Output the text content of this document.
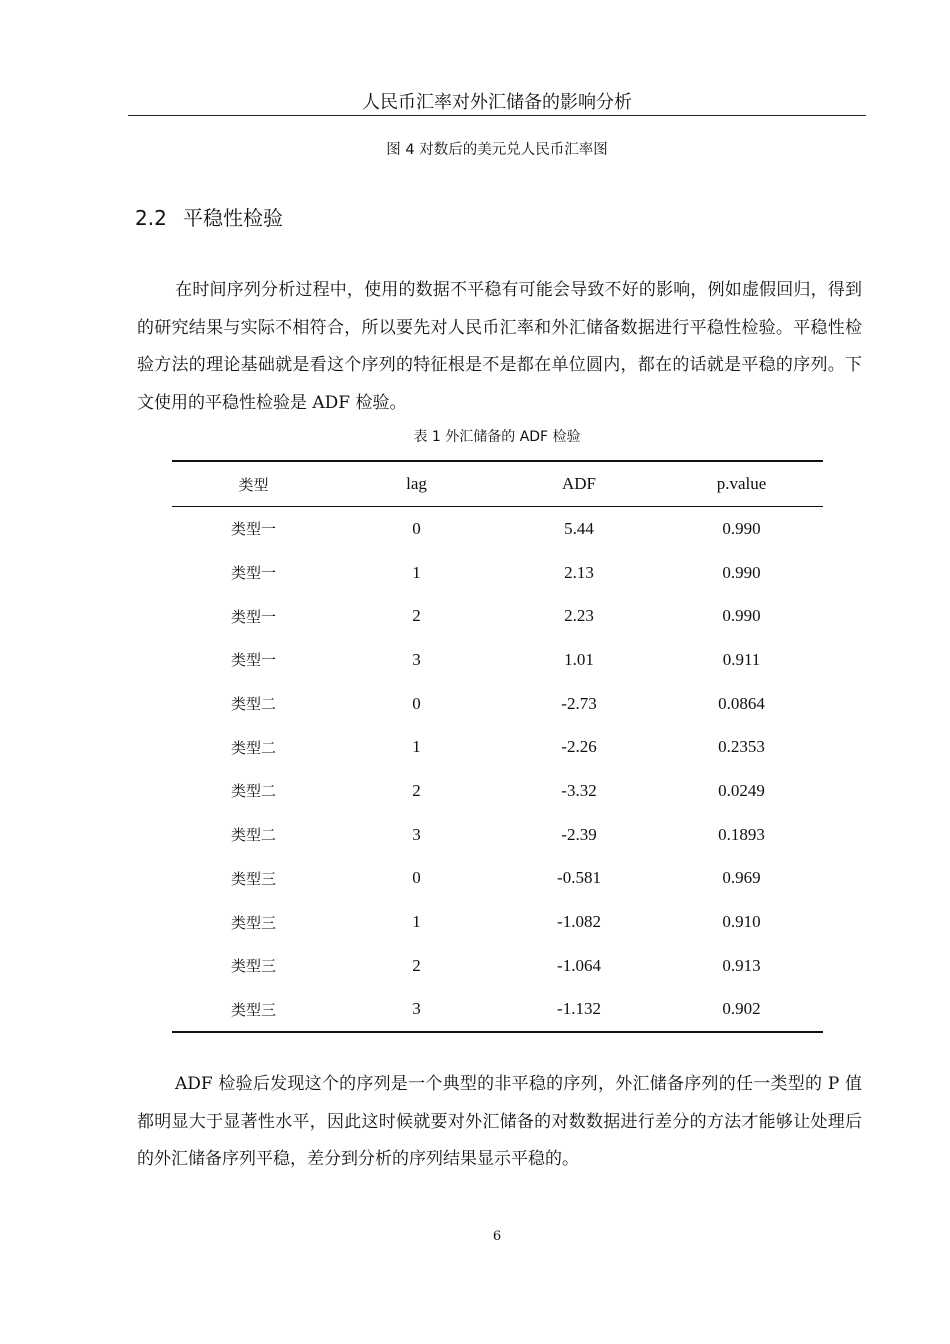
人民币汇率对外汇储备的影响分析
图 4 对数后的美元兑人民币汇率图
2.2 平稳性检验
在时间序列分析过程中，使用的数据不平稳有可能会导致不好的影响，例如虚假回归，得到的研究结果与实际不相符合，所以要先对人民币汇率和外汇储备数据进行平稳性检验。平稳性检验方法的理论基础就是看这个序列的特征根是不是都在单位圆内，都在的话就是平稳的序列。下文使用的平稳性检验是 ADF 检验。
表 1 外汇储备的 ADF 检验
类型	lag	ADF	p.value
类型一	0	5.44	0.990
类型一	1	2.13	0.990
类型一	2	2.23	0.990
类型一	3	1.01	0.911
类型二	0	-2.73	0.0864
类型二	1	-2.26	0.2353
类型二	2	-3.32	0.0249
类型二	3	-2.39	0.1893
类型三	0	-0.581	0.969
类型三	1	-1.082	0.910
类型三	2	-1.064	0.913
类型三	3	-1.132	0.902
ADF 检验后发现这个的序列是一个典型的非平稳的序列，外汇储备序列的任一类型的 P 值都明显大于显著性水平，因此这时候就要对外汇储备的对数数据进行差分的方法才能够让处理后的外汇储备序列平稳，差分到分析的序列结果显示平稳的。
6
